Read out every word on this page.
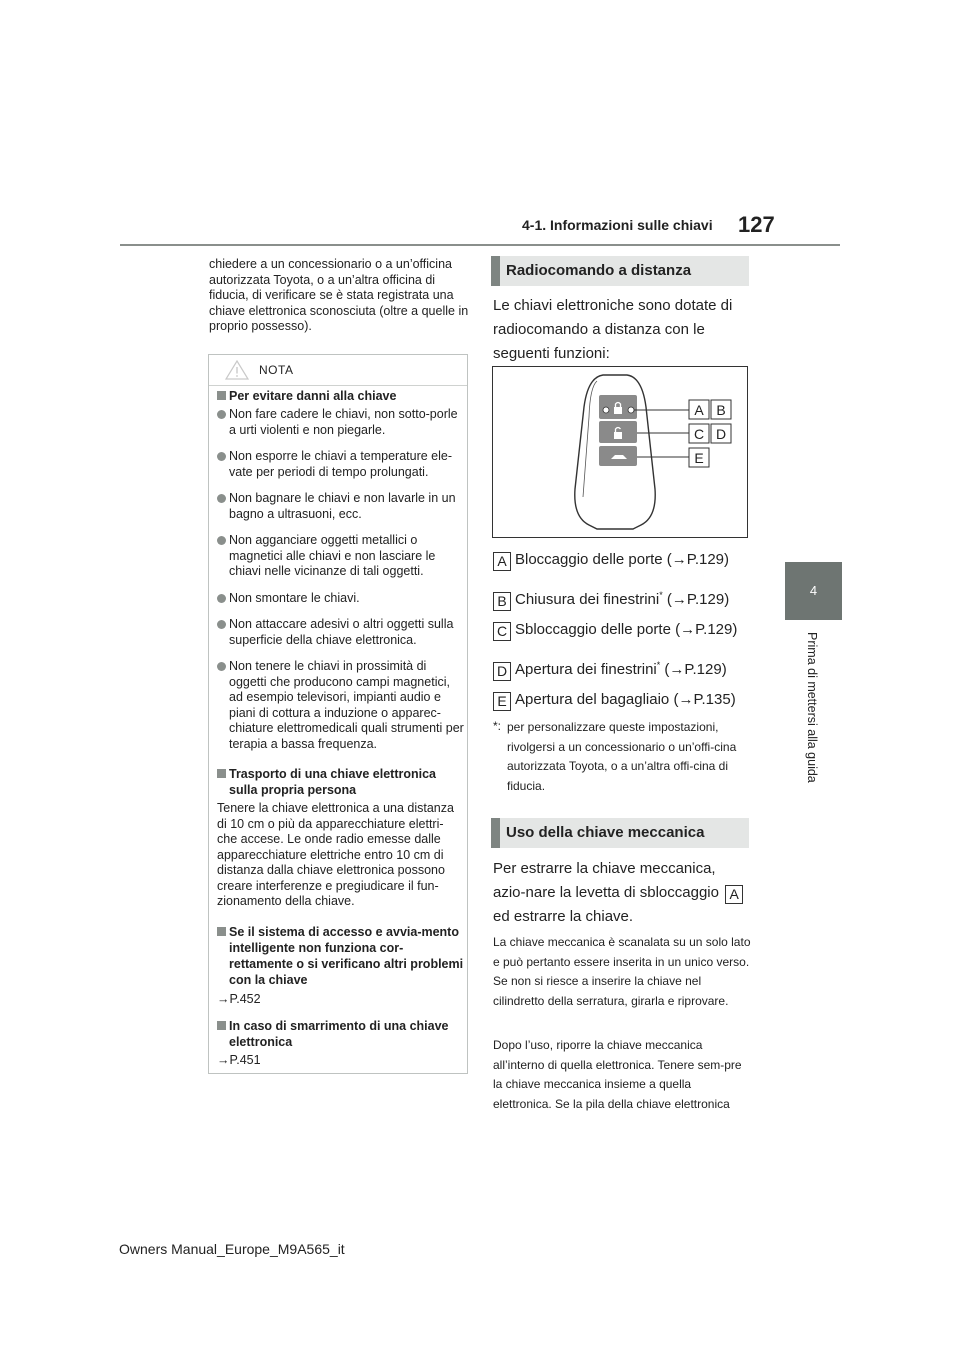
4-1. Informazioni sulle chiavi 127
4
Prima di mettersi alla guida
chiedere a un concessionario o a un’officina autorizzata Toyota, o a un’altra officina di fiducia, di verificare se è stata registrata una chiave elettronica sconosciuta (oltre a quelle in proprio possesso).
NOTA
Per evitare danni alla chiave
Non fare cadere le chiavi, non sotto-porle a urti violenti e non piegarle.
Non esporre le chiavi a temperature ele-vate per periodi di tempo prolungati.
Non bagnare le chiavi e non lavarle in un bagno a ultrasuoni, ecc.
Non agganciare oggetti metallici o magnetici alle chiavi e non lasciare le chiavi nelle vicinanze di tali oggetti.
Non smontare le chiavi.
Non attaccare adesivi o altri oggetti sulla superficie della chiave elettronica.
Non tenere le chiavi in prossimità di oggetti che producono campi magnetici, ad esempio televisori, impianti audio e piani di cottura a induzione o apparec-chiature elettromedicali quali strumenti per terapia a bassa frequenza.
Trasporto di una chiave elettronica sulla propria persona
Tenere la chiave elettronica a una distanza di 10 cm o più da apparecchiature elettri-che accese. Le onde radio emesse dalle apparecchiature elettriche entro 10 cm di distanza dalla chiave elettronica possono creare interferenze e pregiudicare il fun-zionamento della chiave.
Se il sistema di accesso e avvia-mento intelligente non funziona cor-rettamente o si verificano altri problemi con la chiave
→P.452
In caso di smarrimento di una chiave elettronica
→P.451
Radiocomando a distanza
Le chiavi elettroniche sono dotate di radiocomando a distanza con le seguenti funzioni:
A B
C D
E
A Bloccaggio delle porte (→P.129)
B Chiusura dei finestrini* (→P.129)
C Sbloccaggio delle porte (→P.129)
D Apertura dei finestrini* (→P.129)
E Apertura del bagagliaio (→P.135)
*: per personalizzare queste impostazioni, rivolgersi a un concessionario o un’offi-cina autorizzata Toyota, o a un’altra offi-cina di fiducia.
Uso della chiave meccanica
Per estrarre la chiave meccanica, azio-nare la levetta di sbloccaggio A ed estrarre la chiave.
La chiave meccanica è scanalata su un solo lato e può pertanto essere inserita in un unico verso. Se non si riesce a inserire la chiave nel cilindretto della serratura, girarla e riprovare.
Dopo l’uso, riporre la chiave meccanica all’interno di quella elettronica. Tenere sem-pre la chiave meccanica insieme a quella elettronica. Se la pila della chiave elettronica
Owners Manual_Europe_M9A565_it
